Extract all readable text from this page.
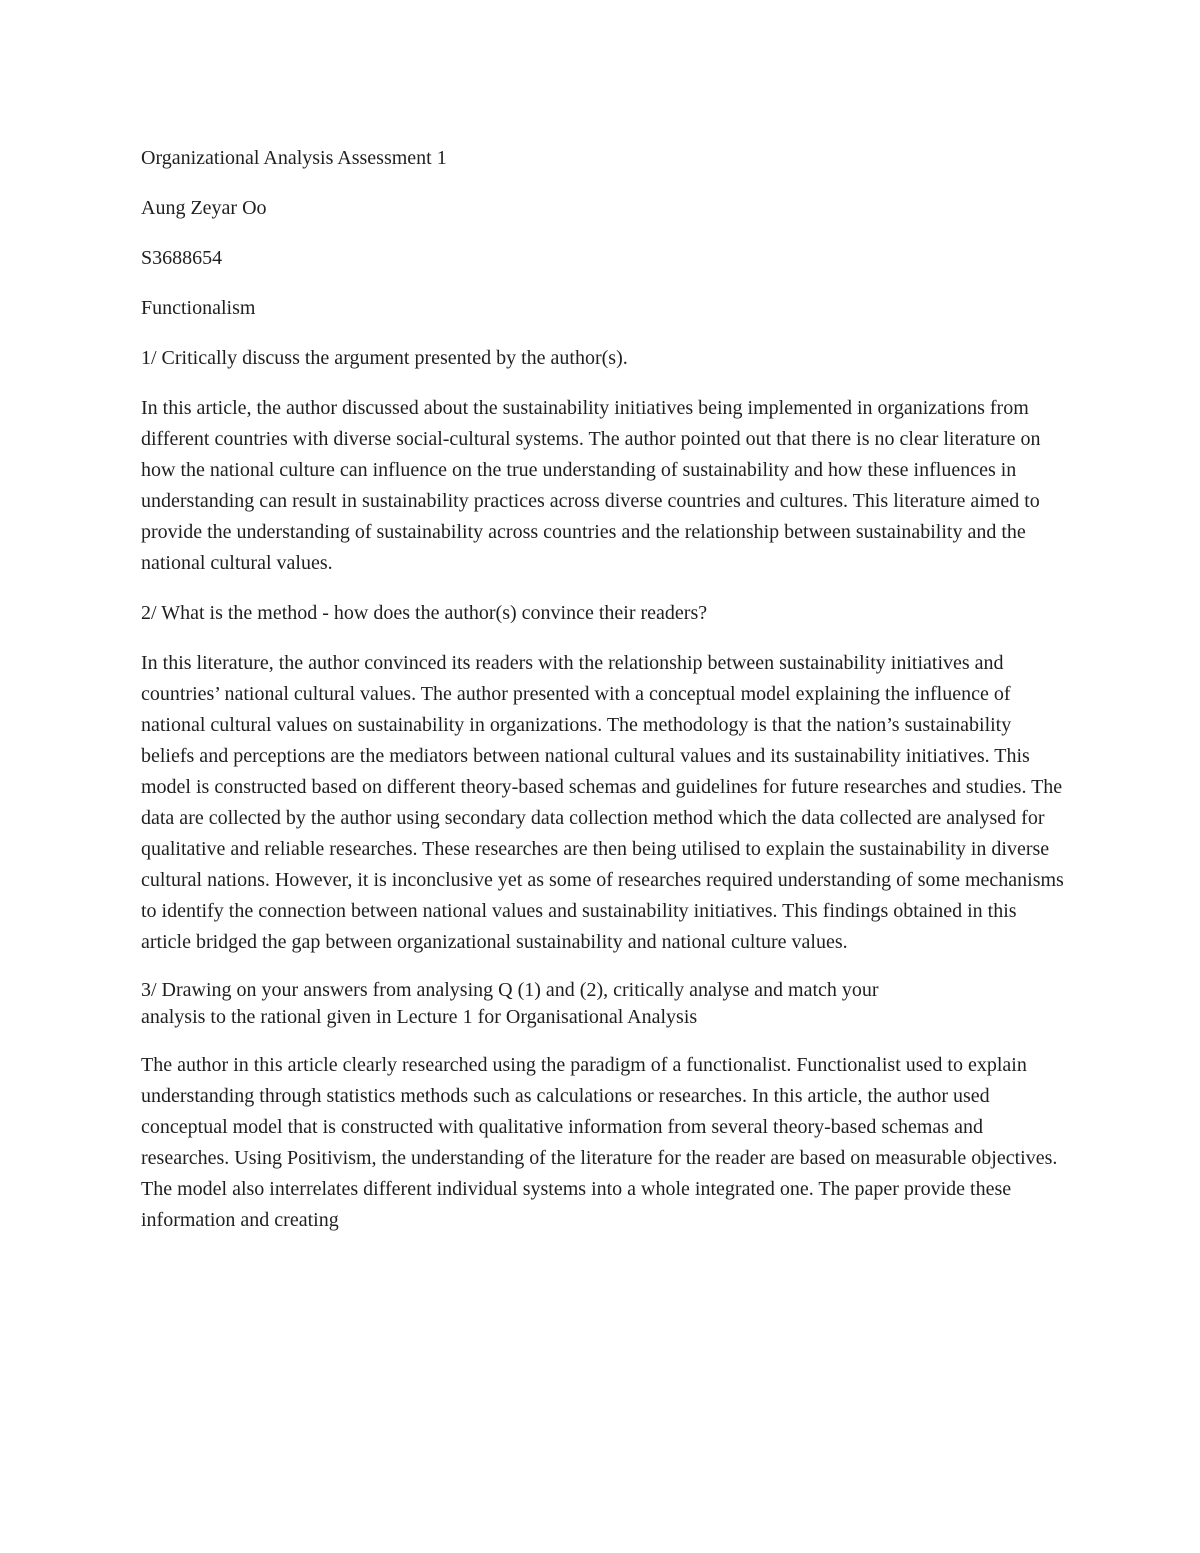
Organizational Analysis Assessment 1
Aung Zeyar Oo
S3688654
Functionalism
1/ Critically discuss the argument presented by the author(s).
In this article, the author discussed about the sustainability initiatives being implemented in organizations from different countries with diverse social-cultural systems. The author pointed out that there is no clear literature on how the national culture can influence on the true understanding of sustainability and how these influences in understanding can result in sustainability practices across diverse countries and cultures. This literature aimed to provide the understanding of sustainability across countries and the relationship between sustainability and the national cultural values.
2/ What is the method - how does the author(s) convince their readers?
In this literature, the author convinced its readers with the relationship between sustainability initiatives and countries’ national cultural values. The author presented with a conceptual model explaining the influence of national cultural values on sustainability in organizations. The methodology is that the nation’s sustainability beliefs and perceptions are the mediators between national cultural values and its sustainability initiatives. This model is constructed based on different theory-based schemas and guidelines for future researches and studies. The data are collected by the author using secondary data collection method which the data collected are analysed for qualitative and reliable researches. These researches are then being utilised to explain the sustainability in diverse cultural nations. However, it is inconclusive yet as some of researches required understanding of some mechanisms to identify the connection between national values and sustainability initiatives. This findings obtained in this article bridged the gap between organizational sustainability and national culture values.
3/ Drawing on your answers from analysing Q (1) and (2), critically analyse and match your analysis to the rational given in Lecture 1 for Organisational Analysis
The author in this article clearly researched using the paradigm of a functionalist. Functionalist used to explain understanding through statistics methods such as calculations or researches. In this article, the author used conceptual model that is constructed with qualitative information from several theory-based schemas and researches. Using Positivism, the understanding of the literature for the reader are based on measurable objectives. The model also interrelates different individual systems into a whole integrated one. The paper provide these information and creating
